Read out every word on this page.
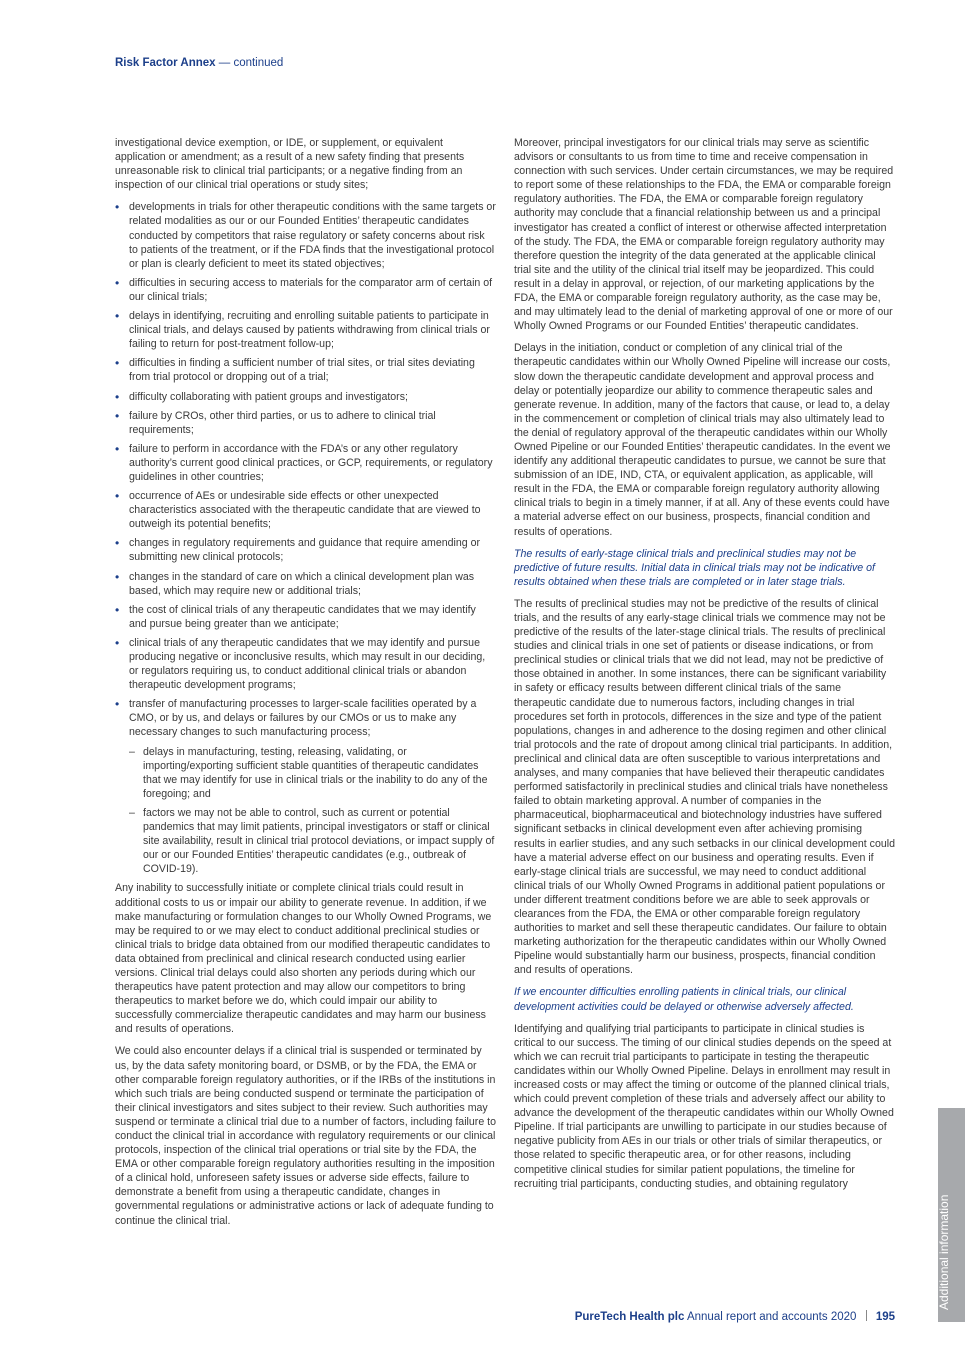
Risk Factor Annex — continued

investigational device exemption, or IDE, or supplement, or equivalent application or amendment; as a result of a new safety finding that presents unreasonable risk to clinical trial participants; or a negative finding from an inspection of our clinical trial operations or study sites;

• developments in trials for other therapeutic conditions with the same targets or related modalities as our or our Founded Entities’ therapeutic candidates conducted by competitors that raise regulatory or safety concerns about risk to patients of the treatment, or if the FDA finds that the investigational protocol or plan is clearly deficient to meet its stated objectives;
• difficulties in securing access to materials for the comparator arm of certain of our clinical trials;
• delays in identifying, recruiting and enrolling suitable patients to participate in clinical trials, and delays caused by patients withdrawing from clinical trials or failing to return for post-treatment follow-up;
• difficulties in finding a sufficient number of trial sites, or trial sites deviating from trial protocol or dropping out of a trial;
• difficulty collaborating with patient groups and investigators;
• failure by CROs, other third parties, or us to adhere to clinical trial requirements;
• failure to perform in accordance with the FDA’s or any other regulatory authority’s current good clinical practices, or GCP, requirements, or regulatory guidelines in other countries;
• occurrence of AEs or undesirable side effects or other unexpected characteristics associated with the therapeutic candidate that are viewed to outweigh its potential benefits;
• changes in regulatory requirements and guidance that require amending or submitting new clinical protocols;
• changes in the standard of care on which a clinical development plan was based, which may require new or additional trials;
• the cost of clinical trials of any therapeutic candidates that we may identify and pursue being greater than we anticipate;
• clinical trials of any therapeutic candidates that we may identify and pursue producing negative or inconclusive results, which may result in our deciding, or regulators requiring us, to conduct additional clinical trials or abandon therapeutic development programs;
• transfer of manufacturing processes to larger-scale facilities operated by a CMO, or by us, and delays or failures by our CMOs or us to make any necessary changes to such manufacturing process;
– delays in manufacturing, testing, releasing, validating, or importing/exporting sufficient stable quantities of therapeutic candidates that we may identify for use in clinical trials or the inability to do any of the foregoing; and
– factors we may not be able to control, such as current or potential pandemics that may limit patients, principal investigators or staff or clinical site availability, result in clinical trial protocol deviations, or impact supply of our or our Founded Entities’ therapeutic candidates (e.g., outbreak of COVID-19).

Any inability to successfully initiate or complete clinical trials could result in additional costs to us or impair our ability to generate revenue. In addition, if we make manufacturing or formulation changes to our Wholly Owned Programs, we may be required to or we may elect to conduct additional preclinical studies or clinical trials to bridge data obtained from our modified therapeutic candidates to data obtained from preclinical and clinical research conducted using earlier versions. Clinical trial delays could also shorten any periods during which our therapeutics have patent protection and may allow our competitors to bring therapeutics to market before we do, which could impair our ability to successfully commercialize therapeutic candidates and may harm our business and results of operations.

We could also encounter delays if a clinical trial is suspended or terminated by us, by the data safety monitoring board, or DSMB, or by the FDA, the EMA or other comparable foreign regulatory authorities, or if the IRBs of the institutions in which such trials are being conducted suspend or terminate the participation of their clinical investigators and sites subject to their review. Such authorities may suspend or terminate a clinical trial due to a number of factors, including failure to conduct the clinical trial in accordance with regulatory requirements or our clinical protocols, inspection of the clinical trial operations or trial site by the FDA, the EMA or other comparable foreign regulatory authorities resulting in the imposition of a clinical hold, unforeseen safety issues or adverse side effects, failure to demonstrate a benefit from using a therapeutic candidate, changes in governmental regulations or administrative actions or lack of adequate funding to continue the clinical trial.

Moreover, principal investigators for our clinical trials may serve as scientific advisors or consultants to us from time to time and receive compensation in connection with such services. Under certain circumstances, we may be required to report some of these relationships to the FDA, the EMA or comparable foreign regulatory authorities. The FDA, the EMA or comparable foreign regulatory authority may conclude that a financial relationship between us and a principal investigator has created a conflict of interest or otherwise affected interpretation of the study. The FDA, the EMA or comparable foreign regulatory authority may therefore question the integrity of the data generated at the applicable clinical trial site and the utility of the clinical trial itself may be jeopardized. This could result in a delay in approval, or rejection, of our marketing applications by the FDA, the EMA or comparable foreign regulatory authority, as the case may be, and may ultimately lead to the denial of marketing approval of one or more of our Wholly Owned Programs or our Founded Entities’ therapeutic candidates.

Delays in the initiation, conduct or completion of any clinical trial of the therapeutic candidates within our Wholly Owned Pipeline will increase our costs, slow down the therapeutic candidate development and approval process and delay or potentially jeopardize our ability to commence therapeutic sales and generate revenue. In addition, many of the factors that cause, or lead to, a delay in the commencement or completion of clinical trials may also ultimately lead to the denial of regulatory approval of the therapeutic candidates within our Wholly Owned Pipeline or our Founded Entities’ therapeutic candidates. In the event we identify any additional therapeutic candidates to pursue, we cannot be sure that submission of an IDE, IND, CTA, or equivalent application, as applicable, will result in the FDA, the EMA or comparable foreign regulatory authority allowing clinical trials to begin in a timely manner, if at all. Any of these events could have a material adverse effect on our business, prospects, financial condition and results of operations.

The results of early-stage clinical trials and preclinical studies may not be predictive of future results. Initial data in clinical trials may not be indicative of results obtained when these trials are completed or in later stage trials.

The results of preclinical studies may not be predictive of the results of clinical trials, and the results of any early-stage clinical trials we commence may not be predictive of the results of the later-stage clinical trials. The results of preclinical studies and clinical trials in one set of patients or disease indications, or from preclinical studies or clinical trials that we did not lead, may not be predictive of those obtained in another. In some instances, there can be significant variability in safety or efficacy results between different clinical trials of the same therapeutic candidate due to numerous factors, including changes in trial procedures set forth in protocols, differences in the size and type of the patient populations, changes in and adherence to the dosing regimen and other clinical trial protocols and the rate of dropout among clinical trial participants. In addition, preclinical and clinical data are often susceptible to various interpretations and analyses, and many companies that have believed their therapeutic candidates performed satisfactorily in preclinical studies and clinical trials have nonetheless failed to obtain marketing approval. A number of companies in the pharmaceutical, biopharmaceutical and biotechnology industries have suffered significant setbacks in clinical development even after achieving promising results in earlier studies, and any such setbacks in our clinical development could have a material adverse effect on our business and operating results. Even if early-stage clinical trials are successful, we may need to conduct additional clinical trials of our Wholly Owned Programs in additional patient populations or under different treatment conditions before we are able to seek approvals or clearances from the FDA, the EMA or other comparable foreign regulatory authorities to market and sell these therapeutic candidates. Our failure to obtain marketing authorization for the therapeutic candidates within our Wholly Owned Pipeline would substantially harm our business, prospects, financial condition and results of operations.

If we encounter difficulties enrolling patients in clinical trials, our clinical development activities could be delayed or otherwise adversely affected.

Identifying and qualifying trial participants to participate in clinical studies is critical to our success. The timing of our clinical studies depends on the speed at which we can recruit trial participants to participate in testing the therapeutic candidates within our Wholly Owned Pipeline. Delays in enrollment may result in increased costs or may affect the timing or outcome of the planned clinical trials, which could prevent completion of these trials and adversely affect our ability to advance the development of the therapeutic candidates within our Wholly Owned Pipeline. If trial participants are unwilling to participate in our studies because of negative publicity from AEs in our trials or other trials of similar therapeutics, or those related to specific therapeutic area, or for other reasons, including competitive clinical studies for similar patient populations, the timeline for recruiting trial participants, conducting studies, and obtaining regulatory

Additional information
PureTech Health plc Annual report and accounts 2020 195
